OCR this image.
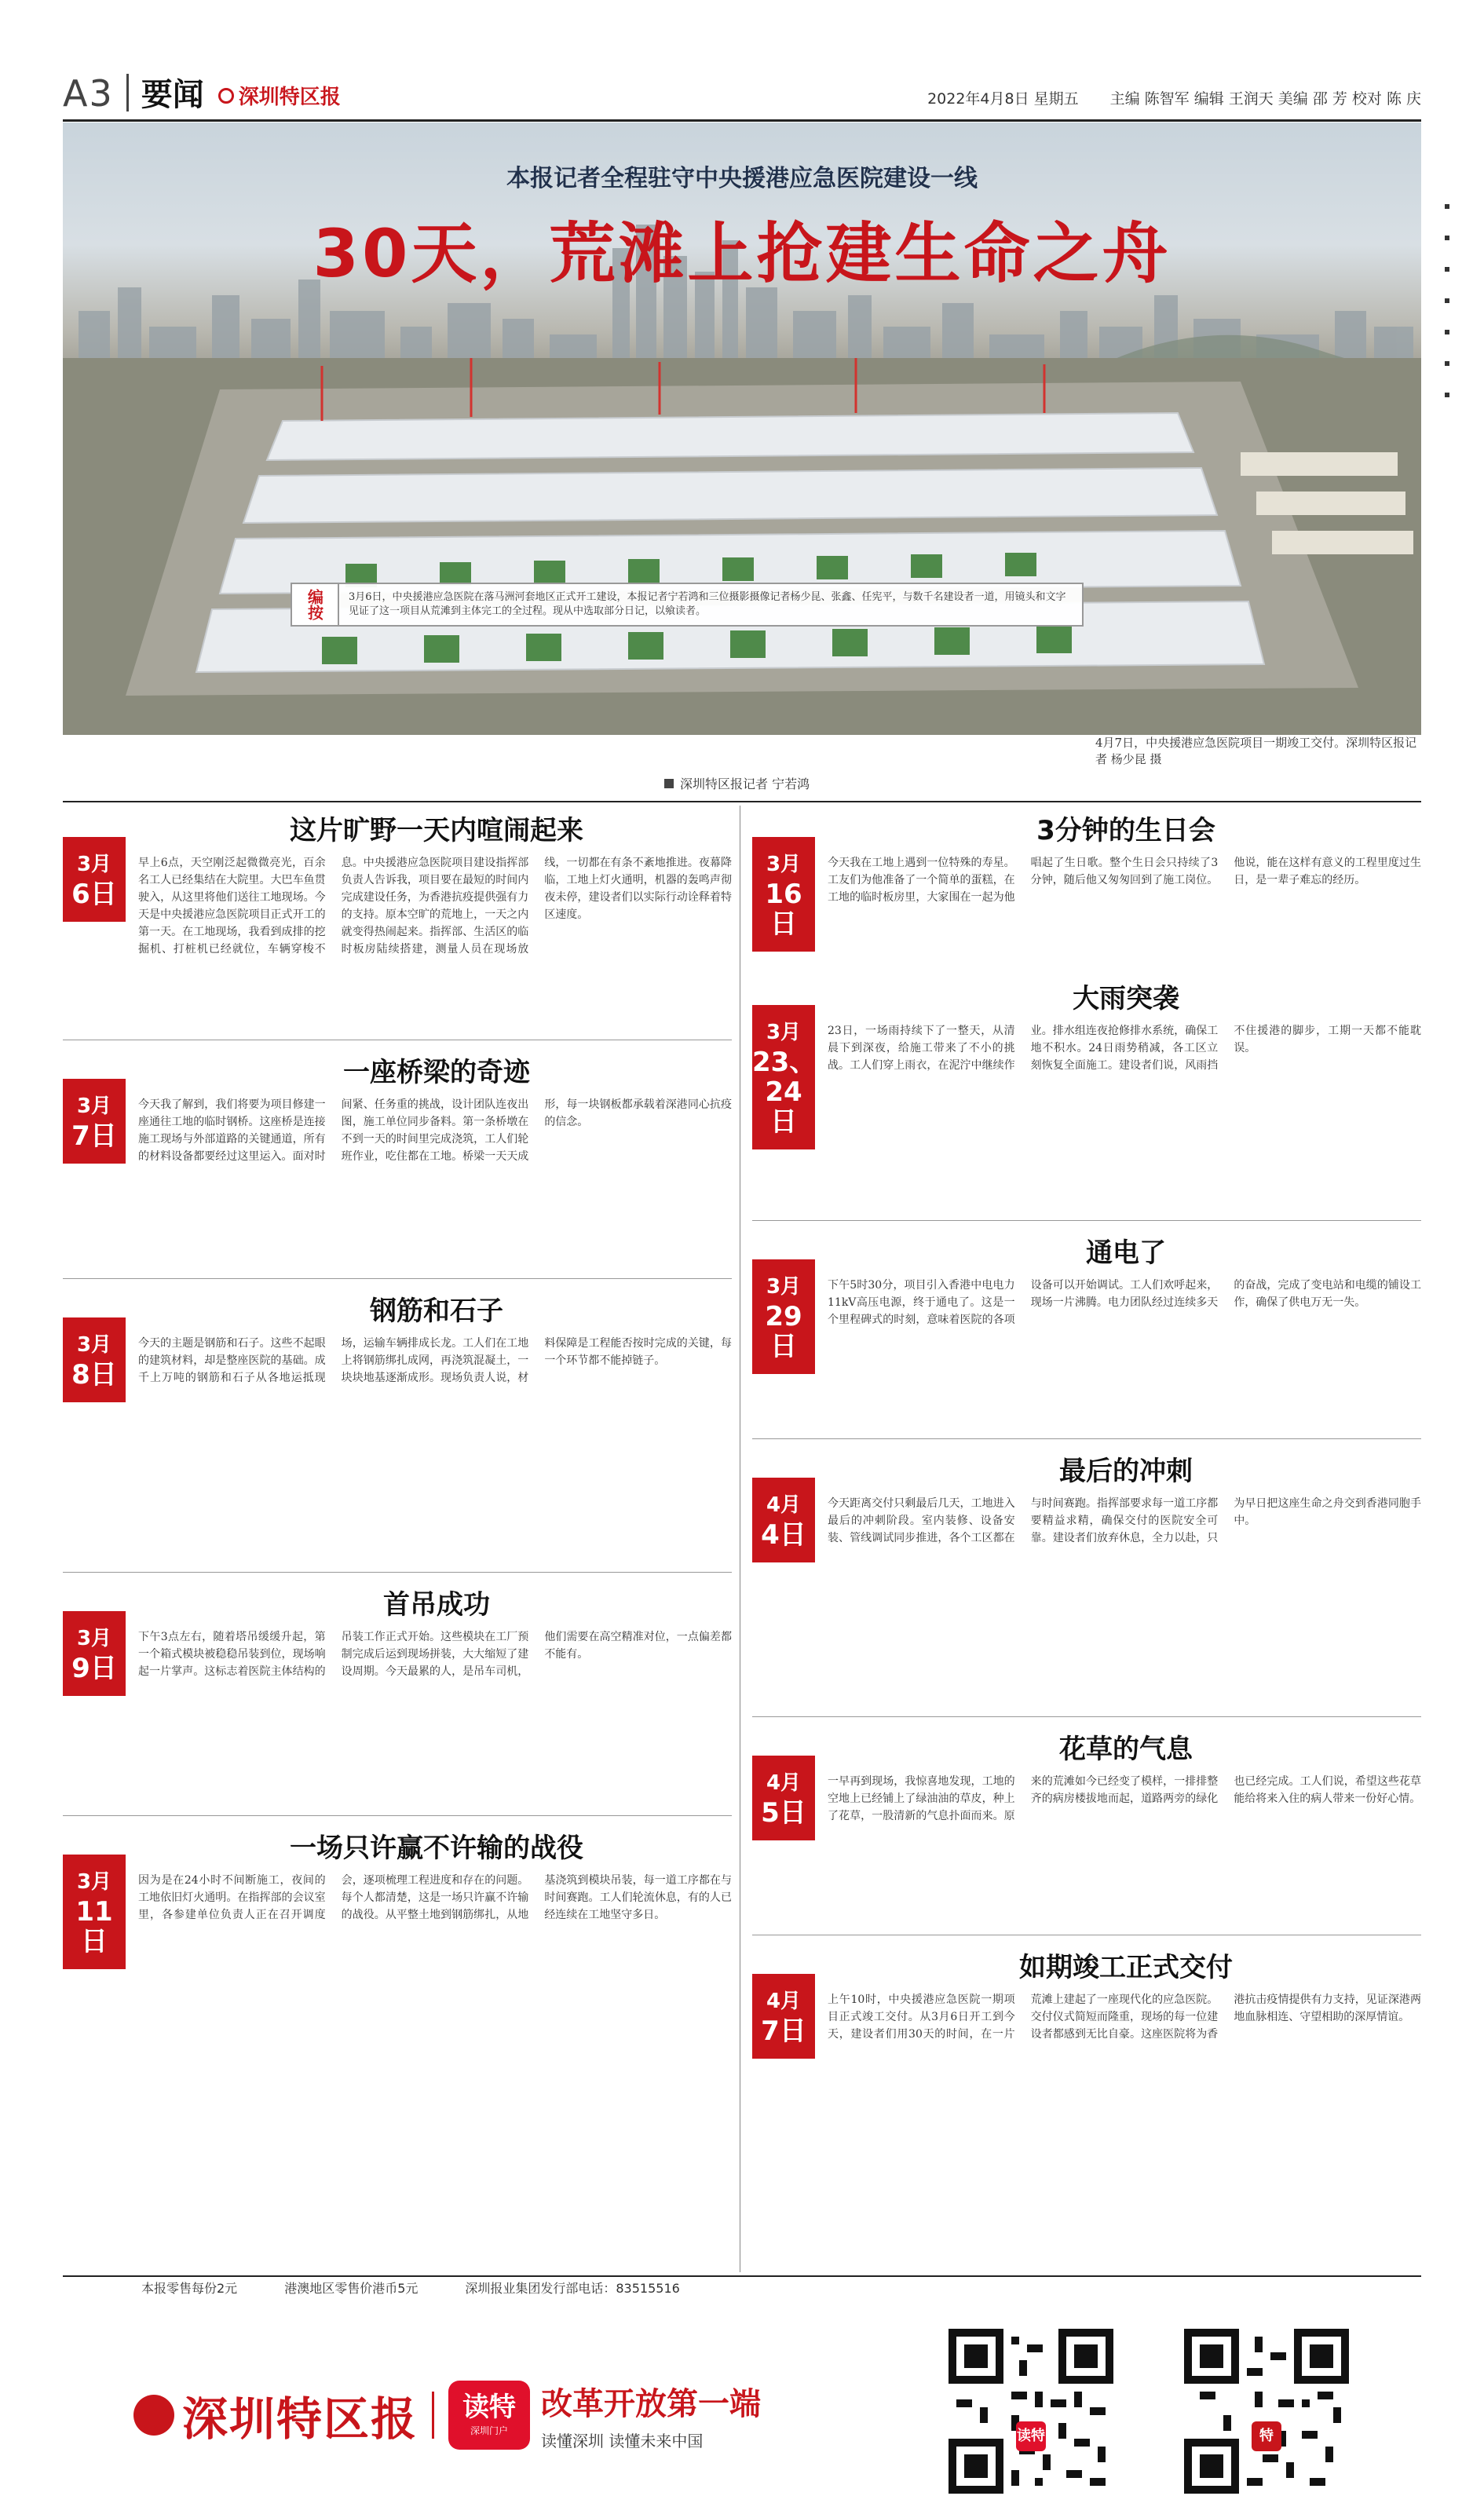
A3 要闻 深圳特区报	2022年4月8日 星期五 主编 陈智军 编辑 王润天 美编 邵 芳 校对 陈 庆
本报记者全程驻守中央援港应急医院建设一线
30天，荒滩上抢建生命之舟
编按	3月6日，中央援港应急医院在落马洲河套地区正式开工建设，本报记者宁若鸿和三位摄影摄像记者杨少昆、张鑫、任宪平，与数千名建设者一道，用镜头和文字见证了这一项目从荒滩到主体完工的全过程。现从中选取部分日记，以飨读者。
4月7日，中央援港应急医院项目一期竣工交付。深圳特区报记者 杨少昆 摄
深圳特区报记者 宁若鸿
这片旷野一天内喧闹起来
3月
6日
早上6点，天空刚泛起微微亮光，百余名工人已经集结在大院里。大巴车鱼贯驶入，从这里将他们送往工地现场。今天是中央援港应急医院项目正式开工的第一天。在工地现场，我看到成排的挖掘机、打桩机已经就位，车辆穿梭不息。中央援港应急医院项目建设指挥部负责人告诉我，项目要在最短的时间内完成建设任务，为香港抗疫提供强有力的支持。原本空旷的荒地上，一天之内就变得热闹起来。指挥部、生活区的临时板房陆续搭建，测量人员在现场放线，一切都在有条不紊地推进。夜幕降临，工地上灯火通明，机器的轰鸣声彻夜未停，建设者们以实际行动诠释着特区速度。
一座桥梁的奇迹
3月
7日
今天我了解到，我们将要为项目修建一座通往工地的临时钢桥。这座桥是连接施工现场与外部道路的关键通道，所有的材料设备都要经过这里运入。面对时间紧、任务重的挑战，设计团队连夜出图，施工单位同步备料。第一条桥墩在不到一天的时间里完成浇筑，工人们轮班作业，吃住都在工地。桥梁一天天成形，每一块钢板都承载着深港同心抗疫的信念。
钢筋和石子
3月
8日
今天的主题是钢筋和石子。这些不起眼的建筑材料，却是整座医院的基础。成千上万吨的钢筋和石子从各地运抵现场，运输车辆排成长龙。工人们在工地上将钢筋绑扎成网，再浇筑混凝土，一块块地基逐渐成形。现场负责人说，材料保障是工程能否按时完成的关键，每一个环节都不能掉链子。
首吊成功
3月
9日
下午3点左右，随着塔吊缓缓升起，第一个箱式模块被稳稳吊装到位，现场响起一片掌声。这标志着医院主体结构的吊装工作正式开始。这些模块在工厂预制完成后运到现场拼装，大大缩短了建设周期。今天最累的人，是吊车司机，他们需要在高空精准对位，一点偏差都不能有。
一场只许赢不许输的战役
3月
11日
因为是在24小时不间断施工，夜间的工地依旧灯火通明。在指挥部的会议室里，各参建单位负责人正在召开调度会，逐项梳理工程进度和存在的问题。每个人都清楚，这是一场只许赢不许输的战役。从平整土地到钢筋绑扎，从地基浇筑到模块吊装，每一道工序都在与时间赛跑。工人们轮流休息，有的人已经连续在工地坚守多日。
3分钟的生日会
3月
16日
今天我在工地上遇到一位特殊的寿星。工友们为他准备了一个简单的蛋糕，在工地的临时板房里，大家围在一起为他唱起了生日歌。整个生日会只持续了3分钟，随后他又匆匆回到了施工岗位。他说，能在这样有意义的工程里度过生日，是一辈子难忘的经历。
大雨突袭
3月
23、24日
23日，一场雨持续下了一整天，从清晨下到深夜，给施工带来了不小的挑战。工人们穿上雨衣，在泥泞中继续作业。排水组连夜抢修排水系统，确保工地不积水。24日雨势稍减，各工区立刻恢复全面施工。建设者们说，风雨挡不住援港的脚步，工期一天都不能耽误。
通电了
3月
29日
下午5时30分，项目引入香港中电电力11kV高压电源，终于通电了。这是一个里程碑式的时刻，意味着医院的各项设备可以开始调试。工人们欢呼起来，现场一片沸腾。电力团队经过连续多天的奋战，完成了变电站和电缆的铺设工作，确保了供电万无一失。
最后的冲刺
4月
4日
今天距离交付只剩最后几天，工地进入最后的冲刺阶段。室内装修、设备安装、管线调试同步推进，各个工区都在与时间赛跑。指挥部要求每一道工序都要精益求精，确保交付的医院安全可靠。建设者们放弃休息，全力以赴，只为早日把这座生命之舟交到香港同胞手中。
花草的气息
4月
5日
一早再到现场，我惊喜地发现，工地的空地上已经铺上了绿油油的草皮，种上了花草，一股清新的气息扑面而来。原来的荒滩如今已经变了模样，一排排整齐的病房楼拔地而起，道路两旁的绿化也已经完成。工人们说，希望这些花草能给将来入住的病人带来一份好心情。
如期竣工正式交付
4月
7日
上午10时，中央援港应急医院一期项目正式竣工交付。从3月6日开工到今天，建设者们用30天的时间，在一片荒滩上建起了一座现代化的应急医院。交付仪式简短而隆重，现场的每一位建设者都感到无比自豪。这座医院将为香港抗击疫情提供有力支持，见证深港两地血脉相连、守望相助的深厚情谊。
本报零售每份2元	港澳地区零售价港币5元	深圳报业集团发行部电话：83515516
深圳特区报	读特
深圳门户
改革开放第一端
读懂深圳 读懂未来中国	读特	特
